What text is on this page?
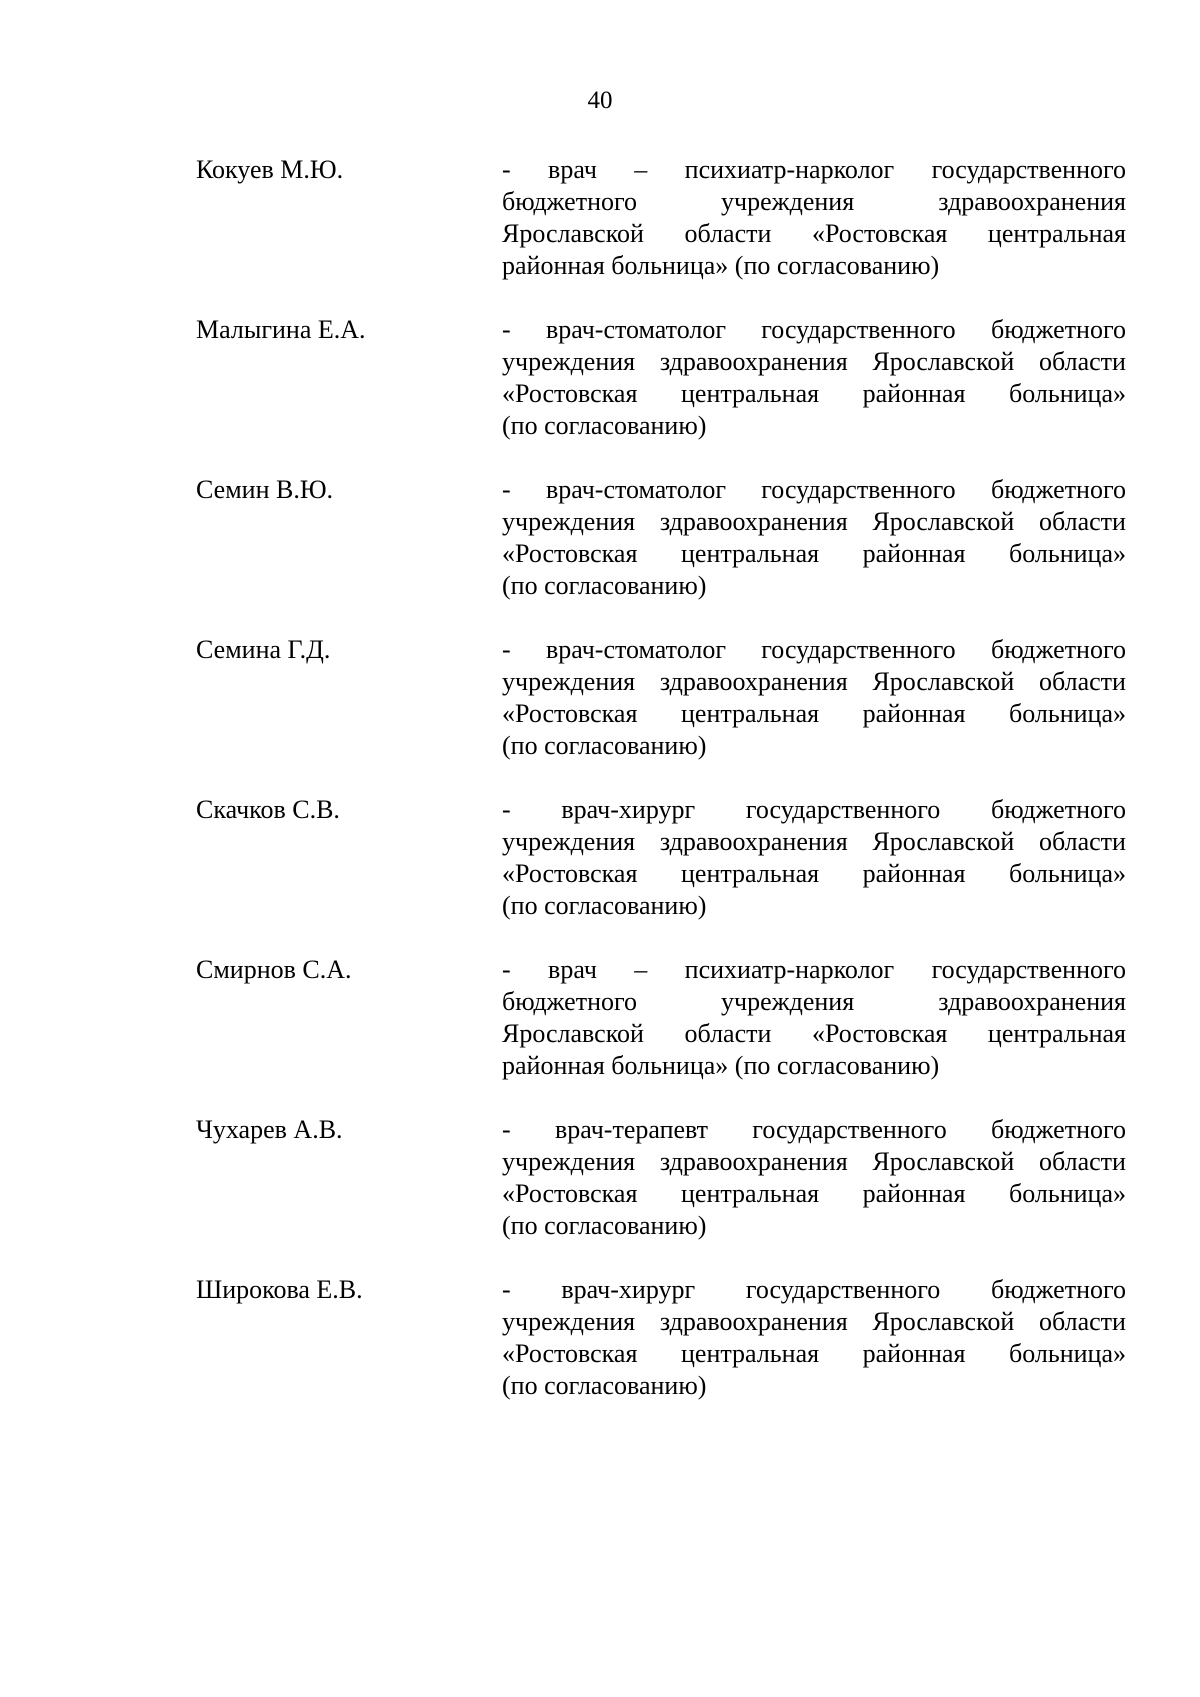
40
Кокуев М.Ю.	- врач – психиатр-нарколог государственного
бюджетного	учреждения	здравоохранения
Ярославской области «Ростовская центральная
районная больница» (по согласованию)
Малыгина Е.А.	- врач-стоматолог государственного бюджетного
учреждения здравоохранения Ярославской области
«Ростовская центральная районная больница»
(по согласованию)
Семин В.Ю.	- врач-стоматолог государственного бюджетного
учреждения здравоохранения Ярославской области
«Ростовская центральная районная больница»
(по согласованию)
Семина Г.Д.	- врач-стоматолог государственного бюджетного
учреждения здравоохранения Ярославской области
«Ростовская центральная районная больница»
(по согласованию)
Скачков С.В.	- врач-хирург государственного бюджетного
учреждения здравоохранения Ярославской области
«Ростовская центральная районная больница»
(по согласованию)
Смирнов С.А.	- врач – психиатр-нарколог государственного
бюджетного	учреждения	здравоохранения
Ярославской области «Ростовская центральная
районная больница» (по согласованию)
Чухарев А.В.	- врач-терапевт государственного бюджетного
учреждения здравоохранения Ярославской области
«Ростовская центральная районная больница»
(по согласованию)
Широкова Е.В.	- врач-хирург государственного бюджетного
учреждения здравоохранения Ярославской области
«Ростовская центральная районная больница»
(по согласованию)
